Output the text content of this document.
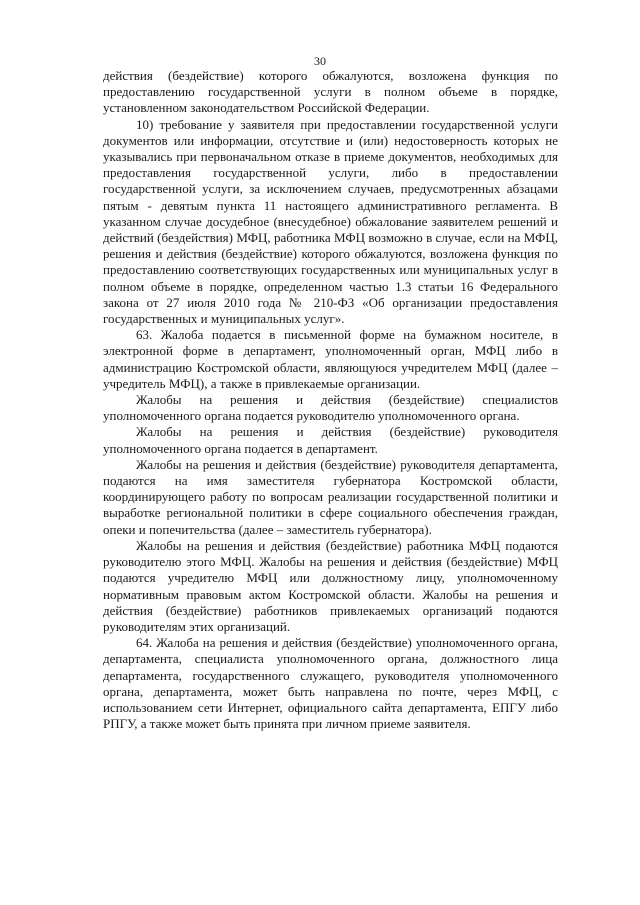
30

действия (бездействие) которого обжалуются, возложена функция по предоставлению государственной услуги в полном объеме в порядке, установленном законодательством Российской Федерации.

10) требование у заявителя при предоставлении государственной услуги документов или информации, отсутствие и (или) недостоверность которых не указывались при первоначальном отказе в приеме документов, необходимых для предоставления государственной услуги, либо в предоставлении государственной услуги, за исключением случаев, предусмотренных абзацами пятым - девятым пункта 11 настоящего административного регламента. В указанном случае досудебное (внесудебное) обжалование заявителем решений и действий (бездействия) МФЦ, работника МФЦ возможно в случае, если на МФЦ, решения и действия (бездействие) которого обжалуются, возложена функция по предоставлению соответствующих государственных или муниципальных услуг в полном объеме в порядке, определенном частью 1.3 статьи 16 Федерального закона от 27 июля 2010 года № 210-ФЗ «Об организации предоставления государственных и муниципальных услуг».

63. Жалоба подается в письменной форме на бумажном носителе, в электронной форме в департамент, уполномоченный орган, МФЦ либо в администрацию Костромской области, являющуюся учредителем МФЦ (далее – учредитель МФЦ), а также в привлекаемые организации.

Жалобы на решения и действия (бездействие) специалистов уполномоченного органа подается руководителю уполномоченного органа.

Жалобы на решения и действия (бездействие) руководителя уполномоченного органа подается в департамент.

Жалобы на решения и действия (бездействие) руководителя департамента, подаются на имя заместителя губернатора Костромской области, координирующего работу по вопросам реализации государственной политики и выработке региональной политики в сфере социального обеспечения граждан, опеки и попечительства (далее – заместитель губернатора).

Жалобы на решения и действия (бездействие) работника МФЦ подаются руководителю этого МФЦ. Жалобы на решения и действия (бездействие) МФЦ подаются учредителю МФЦ или должностному лицу, уполномоченному нормативным правовым актом Костромской области. Жалобы на решения и действия (бездействие) работников привлекаемых организаций подаются руководителям этих организаций.

64. Жалоба на решения и действия (бездействие) уполномоченного органа, департамента, специалиста уполномоченного органа, должностного лица департамента, государственного служащего, руководителя уполномоченного органа, департамента, может быть направлена по почте, через МФЦ, с использованием сети Интернет, официального сайта департамента, ЕПГУ либо РПГУ, а также может быть принята при личном приеме заявителя.
